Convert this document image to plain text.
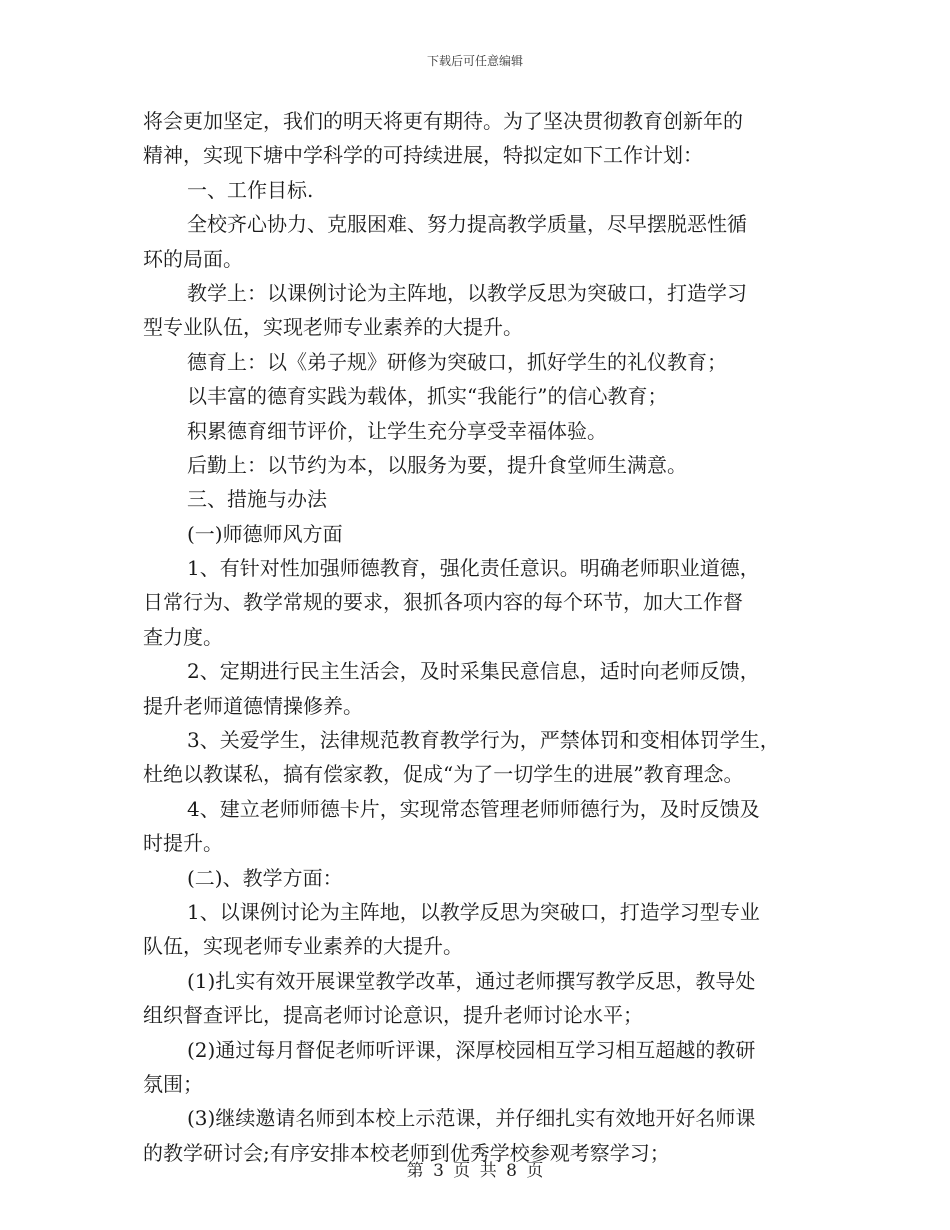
下载后可任意编辑
将会更加坚定，我们的明天将更有期待。为了坚决贯彻教育创新年的
精神，实现下塘中学科学的可持续进展，特拟定如下工作计划：
一、工作目标.
全校齐心协力、克服困难、努力提高教学质量，尽早摆脱恶性循
环的局面。
教学上：以课例讨论为主阵地，以教学反思为突破口，打造学习
型专业队伍，实现老师专业素养的大提升。
德育上：以《弟子规》研修为突破口，抓好学生的礼仪教育；
以丰富的德育实践为载体，抓实“我能行”的信心教育；
积累德育细节评价，让学生充分享受幸福体验。
后勤上：以节约为本，以服务为要，提升食堂师生满意。
三、措施与办法
(一)师德师风方面
1、有针对性加强师德教育，强化责任意识。明确老师职业道德，
日常行为、教学常规的要求，狠抓各项内容的每个环节，加大工作督
查力度。
2、定期进行民主生活会，及时采集民意信息，适时向老师反馈，
提升老师道德情操修养。
3、关爱学生，法律规范教育教学行为，严禁体罚和变相体罚学生，
杜绝以教谋私，搞有偿家教，促成“为了一切学生的进展”教育理念。
4、建立老师师德卡片，实现常态管理老师师德行为，及时反馈及
时提升。
(二)、教学方面：
1、以课例讨论为主阵地，以教学反思为突破口，打造学习型专业
队伍，实现老师专业素养的大提升。
(1)扎实有效开展课堂教学改革，通过老师撰写教学反思，教导处
组织督查评比，提高老师讨论意识，提升老师讨论水平；
(2)通过每月督促老师听评课，深厚校园相互学习相互超越的教研
氛围；
(3)继续邀请名师到本校上示范课，并仔细扎实有效地开好名师课
的教学研讨会;有序安排本校老师到优秀学校参观考察学习；
第 3 页 共 8 页
